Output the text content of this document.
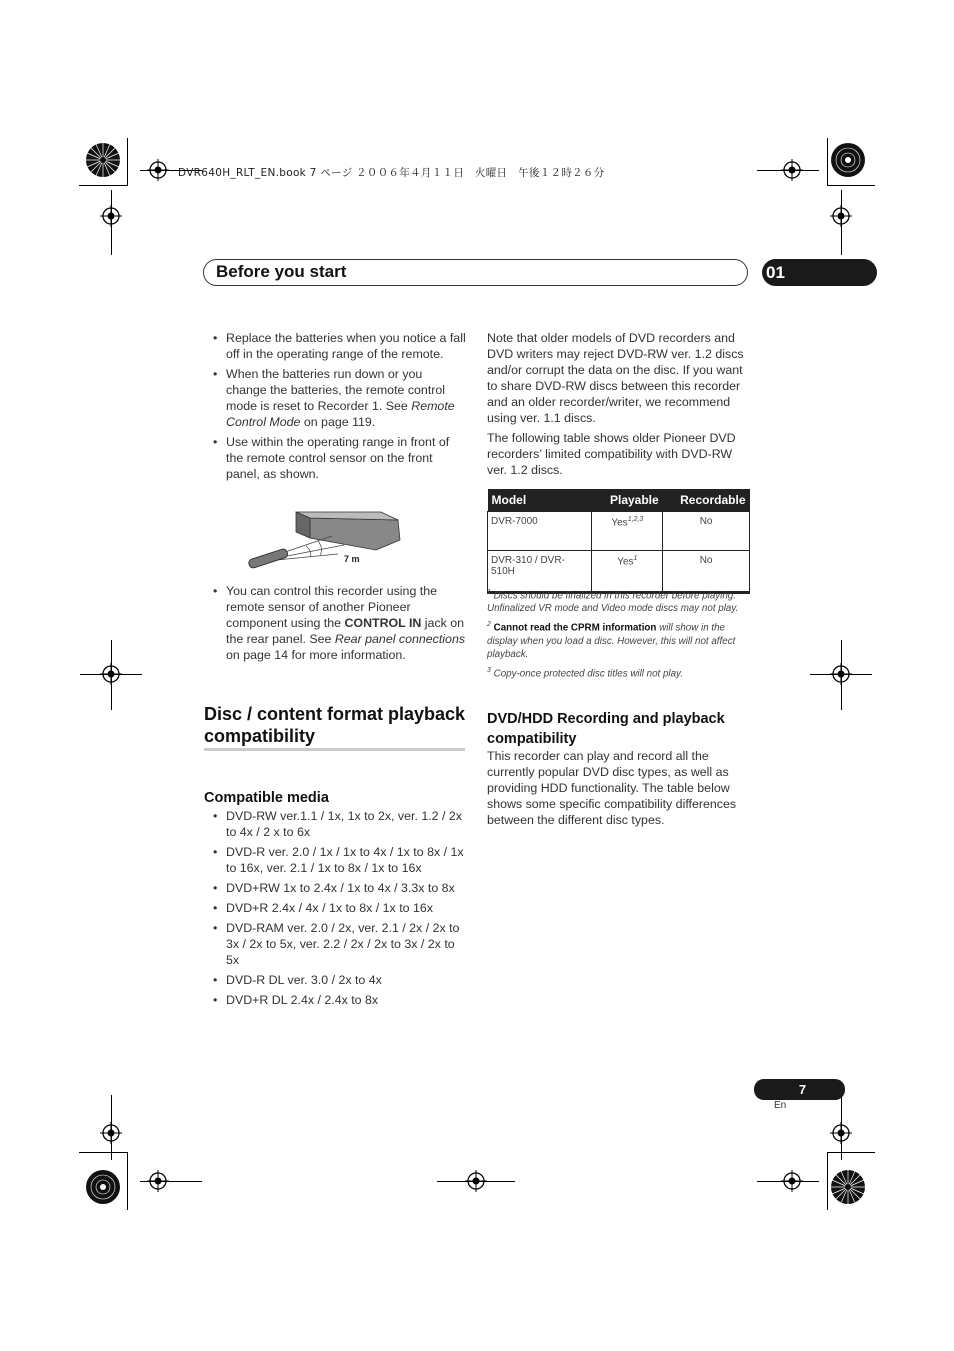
DVR640H_RLT_EN.book 7 ページ ２００６年４月１１日　火曜日　午後１２時２６分
Before you start	01
• Replace the batteries when you notice a fall off in the operating range of the remote.
• When the batteries run down or you change the batteries, the remote control mode is reset to Recorder 1. See Remote Control Mode on page 119.
• Use within the operating range in front of the remote control sensor on the front panel, as shown.
7 m
• You can control this recorder using the remote sensor of another Pioneer component using the CONTROL IN jack on the rear panel. See Rear panel connections on page 14 for more information.
Disc / content format playback compatibility
Compatible media
• DVD-RW ver.1.1 / 1x, 1x to 2x, ver. 1.2 / 2x to 4x / 2 x to 6x
• DVD-R ver. 2.0 / 1x / 1x to 4x / 1x to 8x / 1x to 16x, ver. 2.1 / 1x to 8x / 1x to 16x
• DVD+RW 1x to 2.4x / 1x to 4x / 3.3x to 8x
• DVD+R 2.4x / 4x / 1x to 8x / 1x to 16x
• DVD-RAM ver. 2.0 / 2x, ver. 2.1 / 2x / 2x to 3x / 2x to 5x, ver. 2.2 / 2x / 2x to 3x / 2x to 5x
• DVD-R DL ver. 3.0 / 2x to 4x
• DVD+R DL 2.4x / 2.4x to 8x

Note that older models of DVD recorders and DVD writers may reject DVD-RW ver. 1.2 discs and/or corrupt the data on the disc. If you want to share DVD-RW discs between this recorder and an older recorder/writer, we recommend using ver. 1.1 discs.

The following table shows older Pioneer DVD recorders’ limited compatibility with DVD-RW ver. 1.2 discs.

Model	Playable	Recordable
DVR-7000	Yes$^{1,2,3}$	No
DVR-310 / DVR-510H	Yes$^1$	No

$^1$ Discs should be finalized in this recorder before playing. Unfinalized VR mode and Video mode discs may not play.

$^2$ Cannot read the CPRM information will show in the display when you load a disc. However, this will not affect playback.

$^3$ Copy-once protected disc titles will not play.

DVD/HDD Recording and playback compatibility
This recorder can play and record all the currently popular DVD disc types, as well as providing HDD functionality. The table below shows some specific compatibility differences between the different disc types.
7
En
